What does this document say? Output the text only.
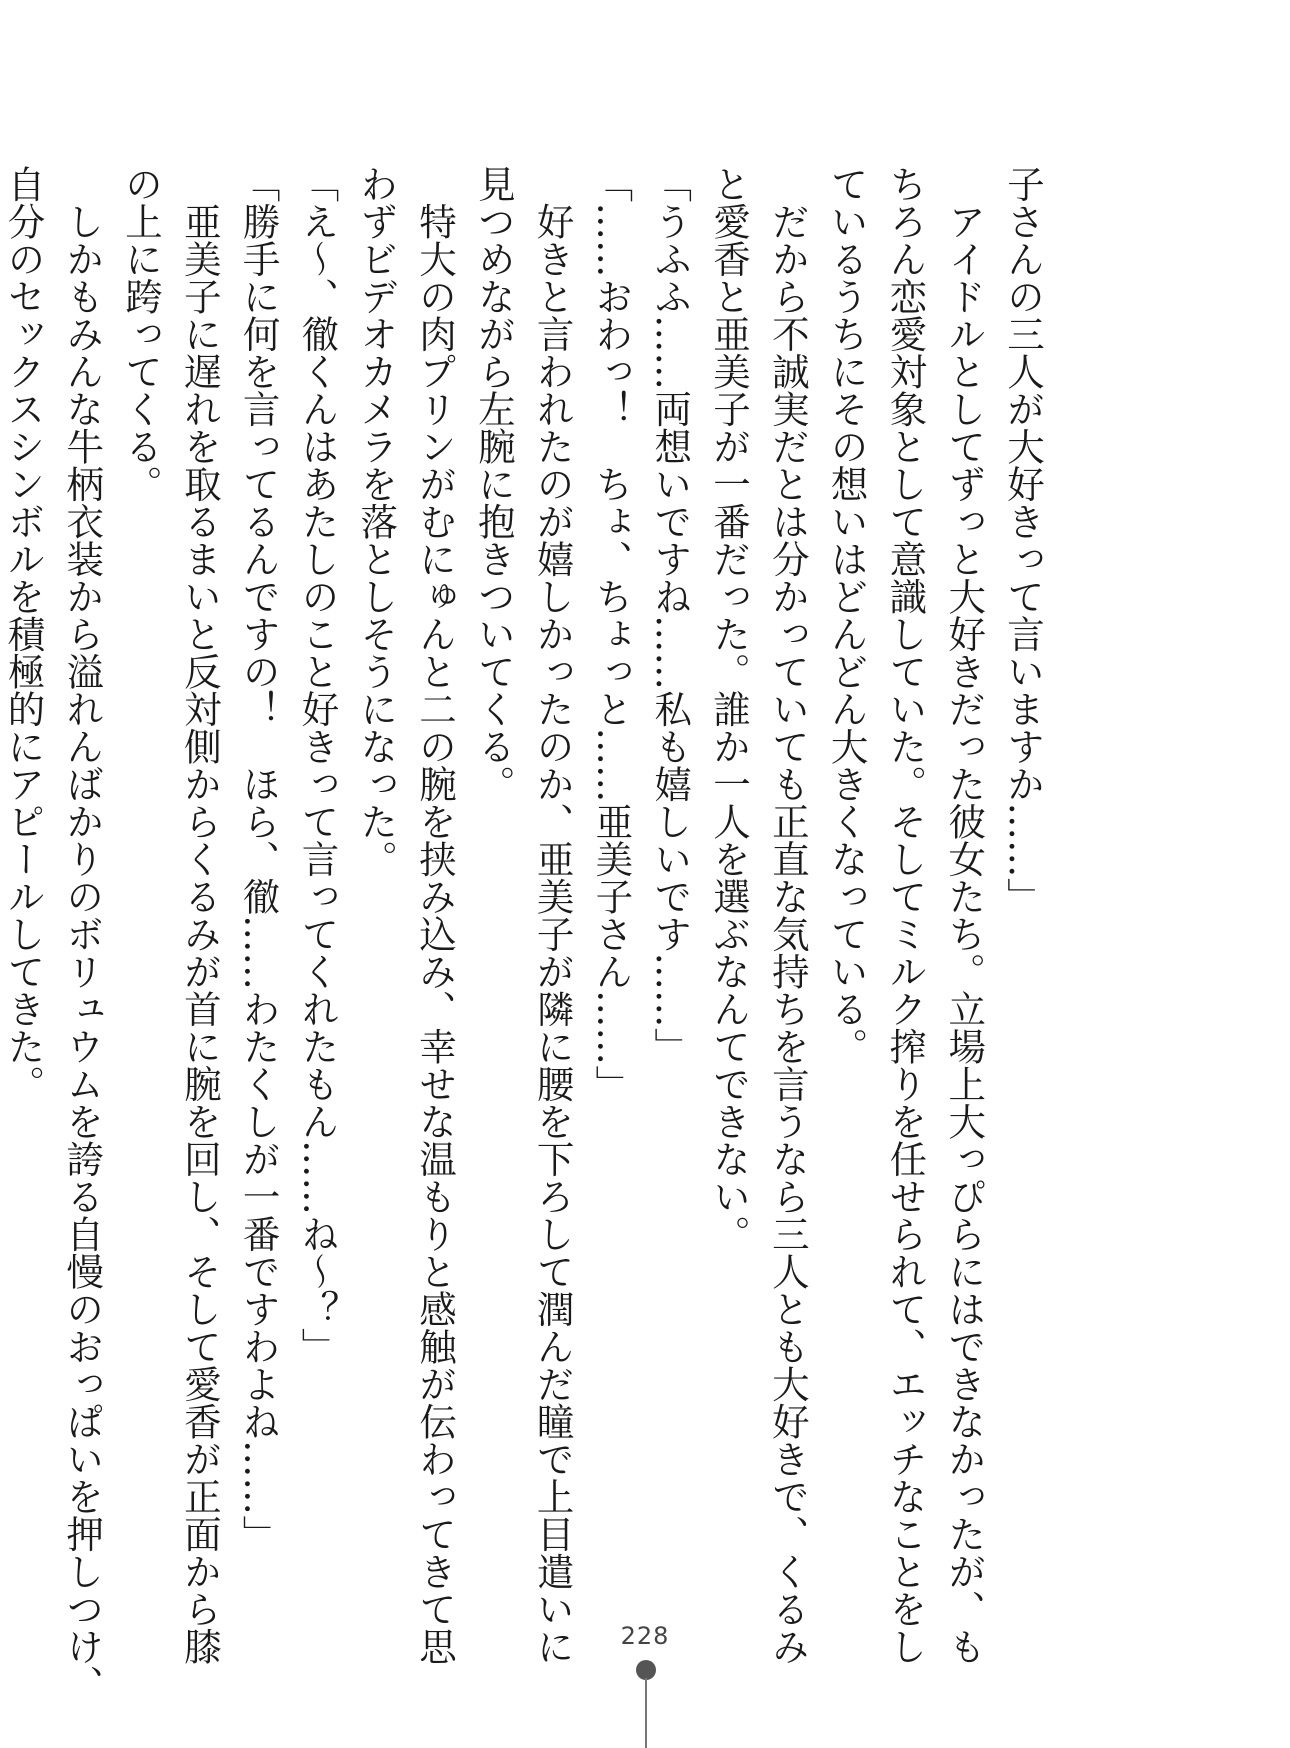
子さんの三人が大好きって言いますか……」
　アイドルとしてずっと大好きだった彼女たち。立場上大っぴらにはできなかったが、も
ちろん恋愛対象として意識していた。そしてミルク搾りを任せられて、エッチなことをし
ているうちにその想いはどんどん大きくなっている。
　だから不誠実だとは分かっていても正直な気持ちを言うなら三人とも大好きで、くるみ
と愛香と亜美子が一番だった。誰か一人を選ぶなんてできない。
「うふふ……両想いですね……私も嬉しいです……」
「……おわっ！　ちょ、ちょっと……亜美子さん……」
　好きと言われたのが嬉しかったのか、亜美子が隣に腰を下ろして潤んだ瞳で上目遣いに
見つめながら左腕に抱きついてくる。
　特大の肉プリンがむにゅんと二の腕を挟み込み、幸せな温もりと感触が伝わってきて思
わずビデオカメラを落としそうになった。
「え～、徹くんはあたしのこと好きって言ってくれたもん……ね～？」
「勝手に何を言ってるんですの！　ほら、徹……わたくしが一番ですわよね……」
　亜美子に遅れを取るまいと反対側からくるみが首に腕を回し、そして愛香が正面から膝
の上に跨ってくる。
　しかもみんな牛柄衣装から溢れんばかりのボリュウムを誇る自慢のおっぱいを押しつけ、
自分のセックスシンボルを積極的にアピールしてきた。
228
